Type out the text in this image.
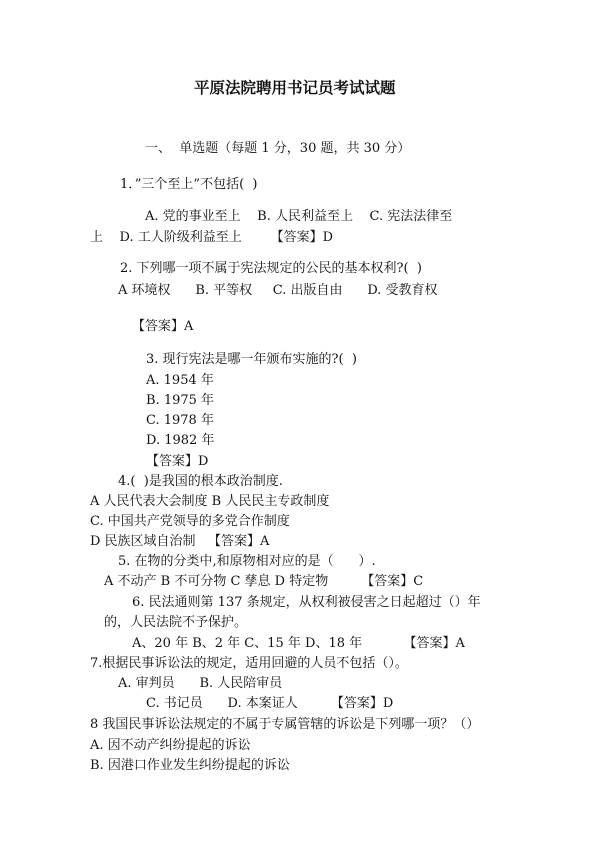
平原法院聘用书记员考试试题
一、  单选题（每题 1 分，30 题，共 30 分）
1．”三个至上”不包括(  )
A. 党的事业至上    B. 人民利益至上    C. 宪法法律至
上    D. 工人阶级利益至上       【答案】D
2. 下列哪一项不属于宪法规定的公民的基本权利?(  )
A 环境权      B. 平等权     C. 出版自由      D. 受教育权
【答案】A
3. 现行宪法是哪一年颁布实施的?(  )
A. 1954 年
B. 1975 年
C. 1978 年
D. 1982 年
【答案】D
4.(  )是我国的根本政治制度.
A 人民代表大会制度 B 人民民主专政制度
C. 中国共产党领导的多党合作制度
D 民族区域自治制   【答案】A
5. 在物的分类中,和原物相对应的是（      ）.
A 不动产 B 不可分物 C 孳息 D 特定物        【答案】C
6. 民法通则第 137 条规定，从权利被侵害之日起超过（）年
的，人民法院不予保护。
A、20 年 B、2 年 C、15 年 D、18 年          【答案】A
7.根据民事诉讼法的规定，适用回避的人员不包括（）。
A. 审判员      B. 人民陪审员
C. 书记员      D. 本案证人        【答案】D
8 我国民事诉讼法规定的不属于专属管辖的诉讼是下列哪一项？（）
A. 因不动产纠纷提起的诉讼
B. 因港口作业发生纠纷提起的诉讼
